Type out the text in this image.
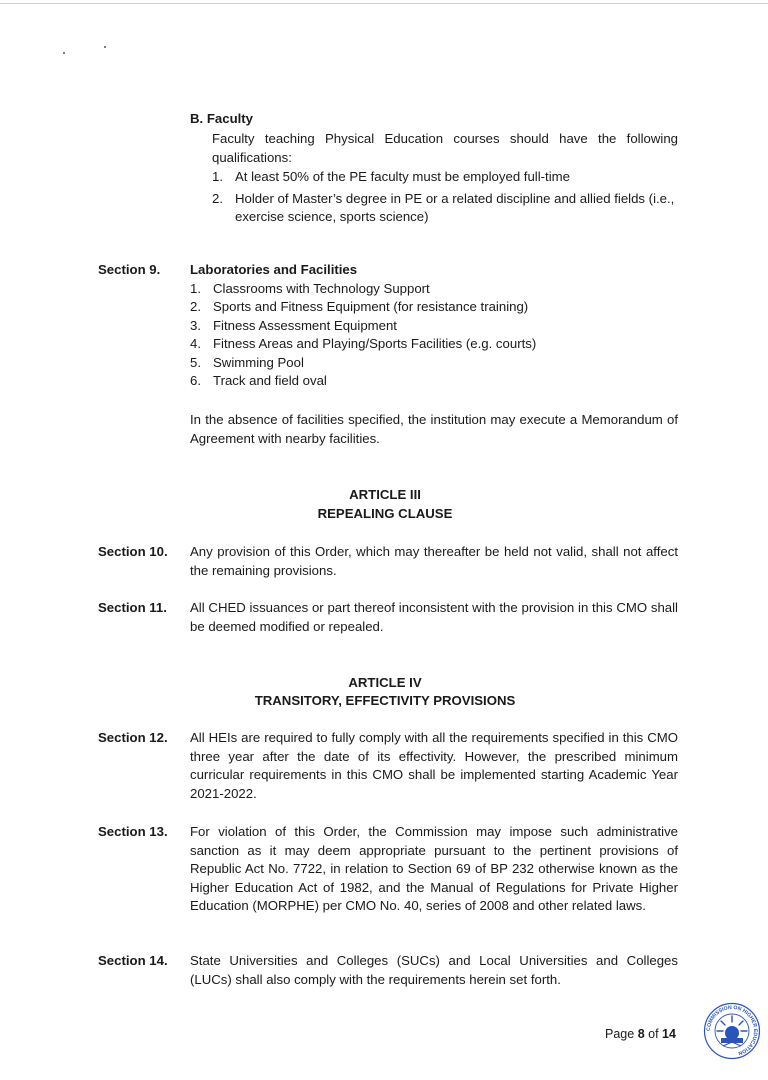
B. Faculty
Faculty teaching Physical Education courses should have the following qualifications:
1. At least 50% of the PE faculty must be employed full-time
2. Holder of Master’s degree in PE or a related discipline and allied fields (i.e., exercise science, sports science)
Section 9. Laboratories and Facilities
1. Classrooms with Technology Support
2. Sports and Fitness Equipment (for resistance training)
3. Fitness Assessment Equipment
4. Fitness Areas and Playing/Sports Facilities (e.g. courts)
5. Swimming Pool
6. Track and field oval
In the absence of facilities specified, the institution may execute a Memorandum of Agreement with nearby facilities.
ARTICLE III
REPEALING CLAUSE
Section 10. Any provision of this Order, which may thereafter be held not valid, shall not affect the remaining provisions.
Section 11. All CHED issuances or part thereof inconsistent with the provision in this CMO shall be deemed modified or repealed.
ARTICLE IV
TRANSITORY, EFFECTIVITY PROVISIONS
Section 12. All HEIs are required to fully comply with all the requirements specified in this CMO three year after the date of its effectivity. However, the prescribed minimum curricular requirements in this CMO shall be implemented starting Academic Year 2021-2022.
Section 13. For violation of this Order, the Commission may impose such administrative sanction as it may deem appropriate pursuant to the pertinent provisions of Republic Act No. 7722, in relation to Section 69 of BP 232 otherwise known as the Higher Education Act of 1982, and the Manual of Regulations for Private Higher Education (MORPHE) per CMO No. 40, series of 2008 and other related laws.
Section 14. State Universities and Colleges (SUCs) and Local Universities and Colleges (LUCs) shall also comply with the requirements herein set forth.
Page 8 of 14	COMMISSION ON HIGHER EDUCATION
